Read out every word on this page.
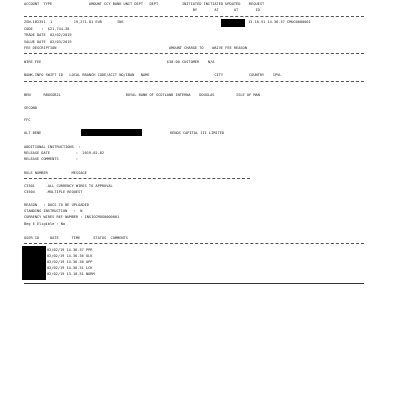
ACCOUNT  TYPE                 AMOUNT CCY BANK UNIT DEPT   DEPT           INITIATED INITIATED UPDATED    REQUEST
BY        AT       AT        ID
ZGN-1B2351  1          19,271.81 EUR       INS	13.18.51 14.36.57 CMUG0000001
CODE    :  $21,744.38
TRADE DATE  02/02/2019
VALUE DATE  02/03/2019
FEE DESCRIPTION                                                    AMOUNT CHARGE TO    WAIVE FEE REASON
WIRE FEE                                                          $30.00 CUSTOMER    N/A
BANK-INFO SWIFT ID   LOCAL BRANCH CODE/ACCT NO/IBAN   NAME                              CITY            COUNTRY    IPVL
BEN      RBOSGB2L                              ROYAL BANK OF SCOTLAND INTERNA    DOUGLAS          ISLE OF MAN
SECOND
FFC
ULT BENE	KENOS CAPITAL III LIMITED
ADDITIONAL INSTRUCTIONS  :
RELEASE DATE            :  2019-02-02
RELEASE COMMENTS        :
RULE NUMBER           MESSAGE
C3301     -ALL CURRENCY WIRES TO APPROVAL
C3504     -MULTIPLE REQUEST
REASON   : DOCS TO BE UPLOADED
STANDING INSTRUCTION   :  N
CURRENCY WIRES REF NUMBER : INSIGCMUG0000001
Beg E Eligible : No
USER ID     DATE      TIME      STATUS  COMMENTS
02/02/19 14.36.57 PPR
02/02/19 14.36.56 ULK
02/02/19 14.36.56 APP
02/02/19 14.36.51 LCK
02/02/19 13.18.51 NORM
